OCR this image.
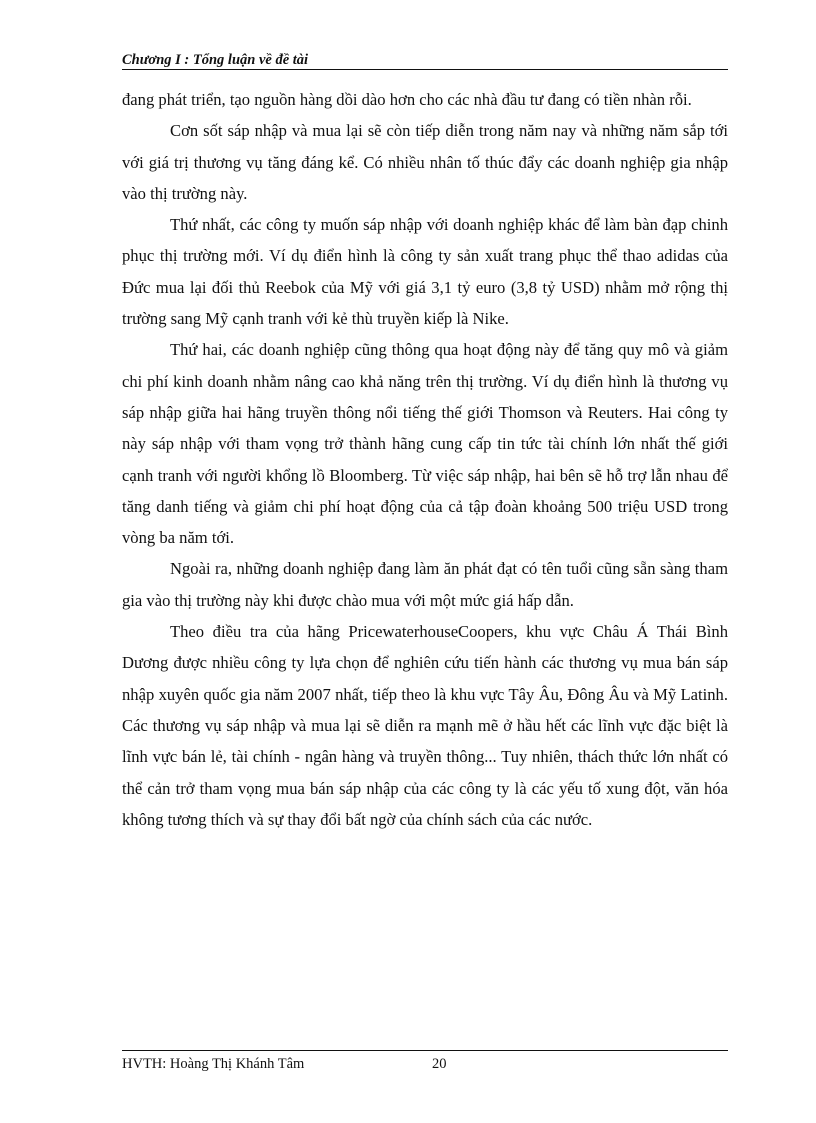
Chương I : Tổng luận về đề tài

đang phát triển, tạo nguồn hàng dồi dào hơn cho các nhà đầu tư đang có tiền nhàn rỗi.

Cơn sốt sáp nhập và mua lại sẽ còn tiếp diễn trong năm nay và những năm sắp tới với giá trị thương vụ tăng đáng kể. Có nhiều nhân tố thúc đẩy các doanh nghiệp gia nhập vào thị trường này.

Thứ nhất, các công ty muốn sáp nhập với doanh nghiệp khác để làm bàn đạp chinh phục thị trường mới. Ví dụ điển hình là công ty sản xuất trang phục thể thao adidas của Đức mua lại đối thủ Reebok của Mỹ với giá 3,1 tỷ euro (3,8 tỷ USD) nhằm mở rộng thị trường sang Mỹ cạnh tranh với kẻ thù truyền kiếp là Nike.

Thứ hai, các doanh nghiệp cũng thông qua hoạt động này để tăng quy mô và giảm chi phí kinh doanh nhằm nâng cao khả năng trên thị trường. Ví dụ điển hình là thương vụ sáp nhập giữa hai hãng truyền thông nổi tiếng thế giới Thomson và Reuters. Hai công ty này sáp nhập với tham vọng trở thành hãng cung cấp tin tức tài chính lớn nhất thế giới cạnh tranh với người khổng lồ Bloomberg. Từ việc sáp nhập, hai bên sẽ hỗ trợ lẫn nhau để tăng danh tiếng và giảm chi phí hoạt động của cả tập đoàn khoảng 500 triệu USD trong vòng ba năm tới.

Ngoài ra, những doanh nghiệp đang làm ăn phát đạt có tên tuổi cũng sẵn sàng tham gia vào thị trường này khi được chào mua với một mức giá hấp dẫn.

Theo điều tra của hãng PricewaterhouseCoopers, khu vực Châu Á Thái Bình Dương được nhiều công ty lựa chọn để nghiên cứu tiến hành các thương vụ mua bán sáp nhập xuyên quốc gia năm 2007 nhất, tiếp theo là khu vực Tây Âu, Đông Âu và Mỹ Latinh. Các thương vụ sáp nhập và mua lại sẽ diễn ra mạnh mẽ ở hầu hết các lĩnh vực đặc biệt là lĩnh vực bán lẻ, tài chính - ngân hàng và truyền thông... Tuy nhiên, thách thức lớn nhất có thể cản trở tham vọng mua bán sáp nhập của các công ty là các yếu tố xung đột, văn hóa không tương thích và sự thay đổi bất ngờ của chính sách của các nước.

HVTH: Hoàng Thị Khánh Tâm	20
